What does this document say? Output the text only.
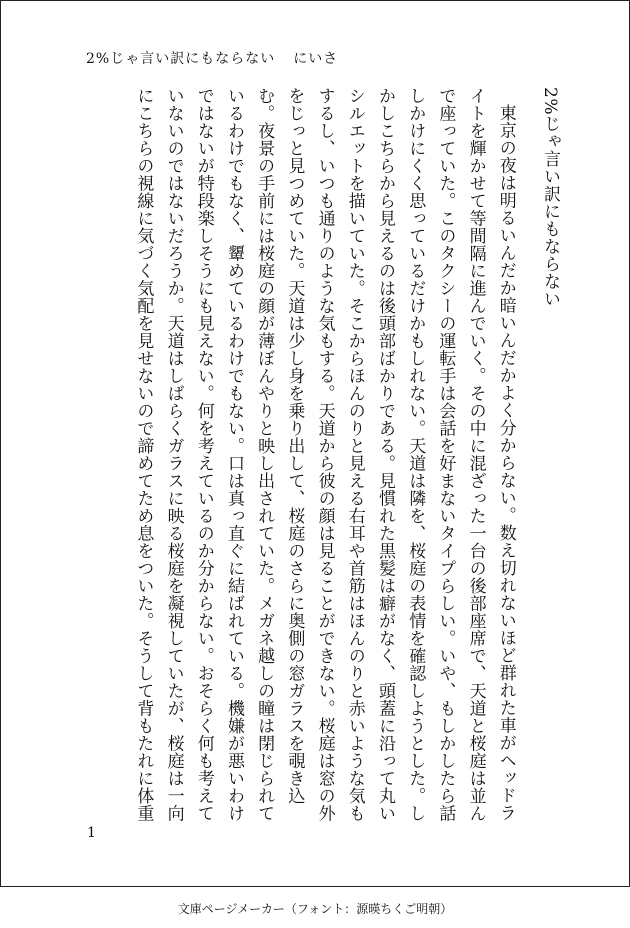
2%じゃ言い訳にもならない にいさ
2%じゃ言い訳にもならない

東京の夜は明るいんだか暗いんだかよく分からない。数え切れないほど群れた車がヘッドライトを輝かせて等間隔に進んでいく。その中に混ざった一台の後部座席で、天道と桜庭は並んで座っていた。このタクシーの運転手は会話を好まないタイプらしい。いや、もしかしたら話しかけにくく思っているだけかもしれない。天道は隣を、桜庭の表情を確認しようとした。しかしこちらから見えるのは後頭部ばかりである。見慣れた黒髪は癖がなく、頭蓋に沿って丸いシルエットを描いていた。そこからほんのりと見える右耳や首筋はほんのりと赤いような気もするし、いつも通りのような気もする。天道から彼の顔は見ることができない。桜庭は窓の外をじっと見つめていた。天道は少し身を乗り出して、桜庭のさらに奥側の窓ガラスを覗き込む。夜景の手前には桜庭の顔が薄ぼんやりと映し出されていた。メガネ越しの瞳は閉じられているわけでもなく、顰めているわけでもない。口は真っ直ぐに結ばれている。機嫌が悪いわけではないが特段楽しそうにも見えない。何を考えているのか分からない。おそらく何も考えていないのではないだろうか。天道はしばらくガラスに映る桜庭を凝視していたが、桜庭は一向にこちらの視線に気づく気配を見せないので諦めてため息をついた。そうして背もたれに体重

1
文庫ページメーカー（フォント：源暎ちくご明朝）
